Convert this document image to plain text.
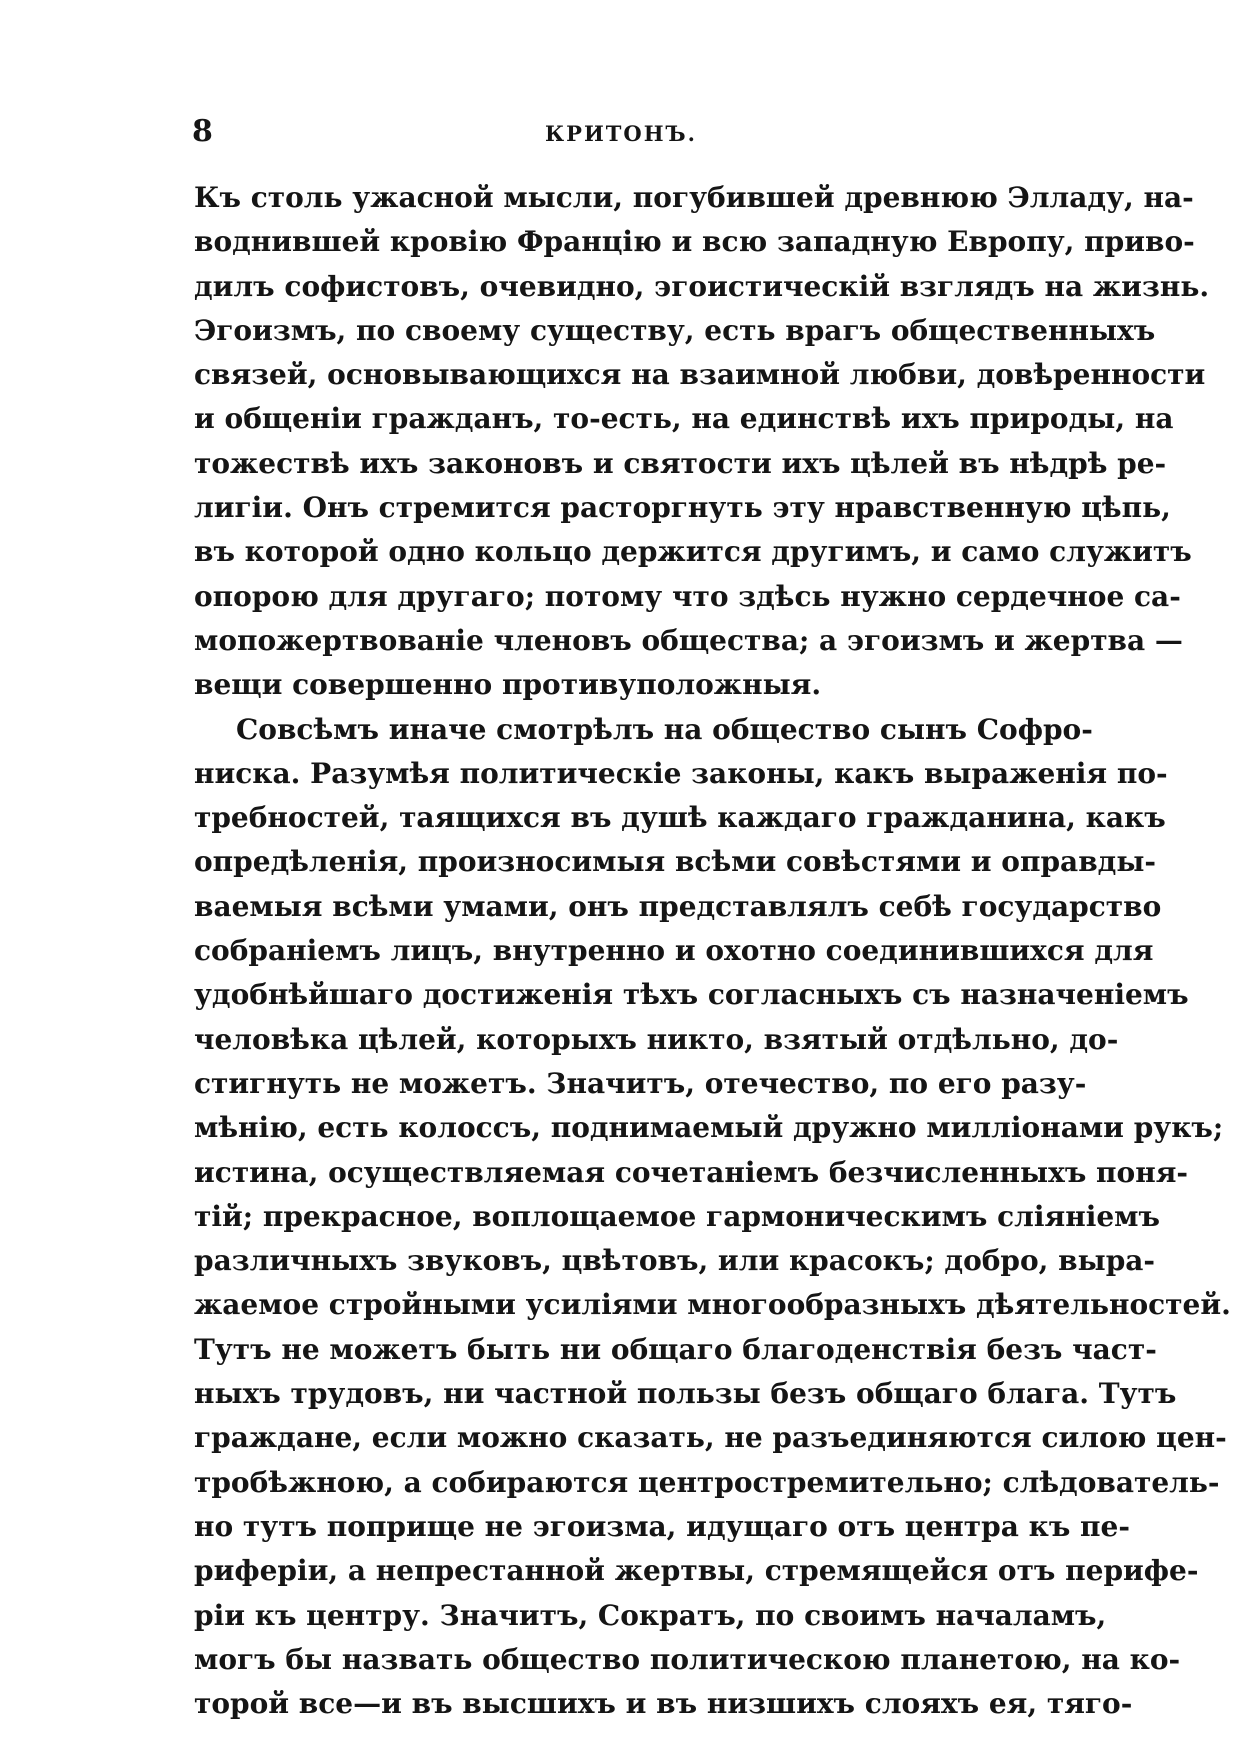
8	КРИТОНЪ.
Къ столь ужасной мысли, погубившей древнюю Элладу, на-
воднившей кровію Францію и всю западную Европу, приво-
дилъ софистовъ, очевидно, эгоистическій взглядъ на жизнь.
Эгоизмъ, по своему существу, есть врагъ общественныхъ
связей, основывающихся на взаимной любви, довѣренности
и общеніи гражданъ, то-есть, на единствѣ ихъ природы, на
тожествѣ ихъ законовъ и святости ихъ цѣлей въ нѣдрѣ ре-
лигіи. Онъ стремится расторгнуть эту нравственную цѣпь,
въ которой одно кольцо держится другимъ, и само служитъ
опорою для другаго; потому что здѣсь нужно сердечное са-
мопожертвованіе членовъ общества; а эгоизмъ и жертва —
вещи совершенно противуположныя.
Совсѣмъ иначе смотрѣлъ на общество сынъ Софро-
ниска. Разумѣя политическіе законы, какъ выраженія по-
требностей, таящихся въ душѣ каждаго гражданина, какъ
опредѣленія, произносимыя всѣми совѣстями и оправды-
ваемыя всѣми умами, онъ представлялъ себѣ государство
собраніемъ лицъ, внутренно и охотно соединившихся для
удобнѣйшаго достиженія тѣхъ согласныхъ съ назначеніемъ
человѣка цѣлей, которыхъ никто, взятый отдѣльно, до-
стигнуть не можетъ. Значитъ, отечество, по его разу-
мѣнію, есть колоссъ, поднимаемый дружно милліонами рукъ;
истина, осуществляемая сочетаніемъ безчисленныхъ поня-
тій; прекрасное, воплощаемое гармоническимъ сліяніемъ
различныхъ звуковъ, цвѣтовъ, или красокъ; добро, выра-
жаемое стройными усиліями многообразныхъ дѣятельностей.
Тутъ не можетъ быть ни общаго благоденствія безъ част-
ныхъ трудовъ, ни частной пользы безъ общаго блага. Тутъ
граждане, если можно сказать, не разъединяются силою цен-
тробѣжною, а собираются центростремительно; слѣдователь-
но тутъ поприще не эгоизма, идущаго отъ центра къ пе-
рифеpiи, а непрестанной жертвы, стремящейся отъ перифе-
ріи къ центру. Значитъ, Сократъ, по своимъ началамъ,
могъ бы назвать общество политическою планетою, на ко-
торой все—и въ высшихъ и въ низшихъ слояхъ ея, тяго-
